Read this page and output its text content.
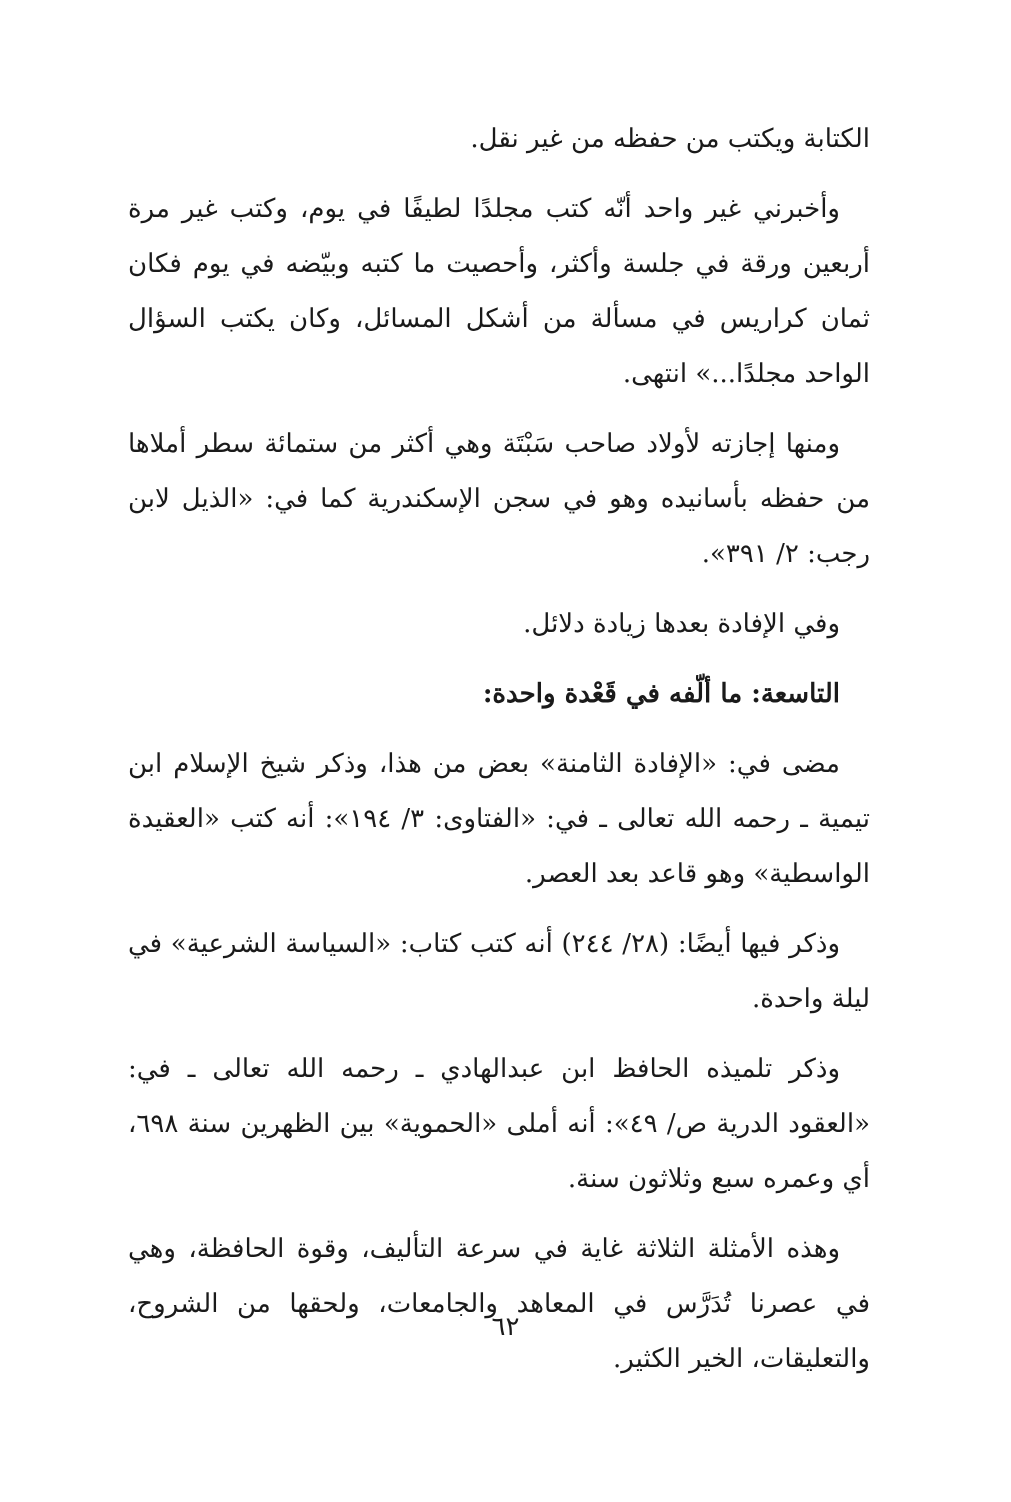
الكتابة ويكتب من حفظه من غير نقل.

وأخبرني غير واحد أنّه كتب مجلدًا لطيفًا في يوم، وكتب غير مرة أربعين ورقة في جلسة وأكثر، وأحصيت ما كتبه وبيّضه في يوم فكان ثمان كراريس في مسألة من أشكل المسائل، وكان يكتب السؤال الواحد مجلدًا...» انتهى.

ومنها إجازته لأولاد صاحب سَبْتَة وهي أكثر من ستمائة سطر أملاها من حفظه بأسانيده وهو في سجن الإسكندرية كما في: «الذيل لابن رجب: ٢/ ٣٩١».

وفي الإفادة بعدها زيادة دلائل.

التاسعة: ما ألّفه في قَعْدة واحدة:

مضى في: «الإفادة الثامنة» بعض من هذا، وذكر شيخ الإسلام ابن تيمية ـ رحمه الله تعالى ـ في: «الفتاوى: ٣/ ١٩٤»: أنه كتب «العقيدة الواسطية» وهو قاعد بعد العصر.

وذكر فيها أيضًا: (٢٨/ ٢٤٤) أنه كتب كتاب: «السياسة الشرعية» في ليلة واحدة.

وذكر تلميذه الحافظ ابن عبدالهادي ـ رحمه الله تعالى ـ في: «العقود الدرية ص/ ٤٩»: أنه أملى «الحموية» بين الظهرين سنة ٦٩٨، أي وعمره سبع وثلاثون سنة.

وهذه الأمثلة الثلاثة غاية في سرعة التأليف، وقوة الحافظة، وهي في عصرنا تُدَرَّس في المعاهد والجامعات، ولحقها من الشروح، والتعليقات، الخير الكثير.

٦٢
